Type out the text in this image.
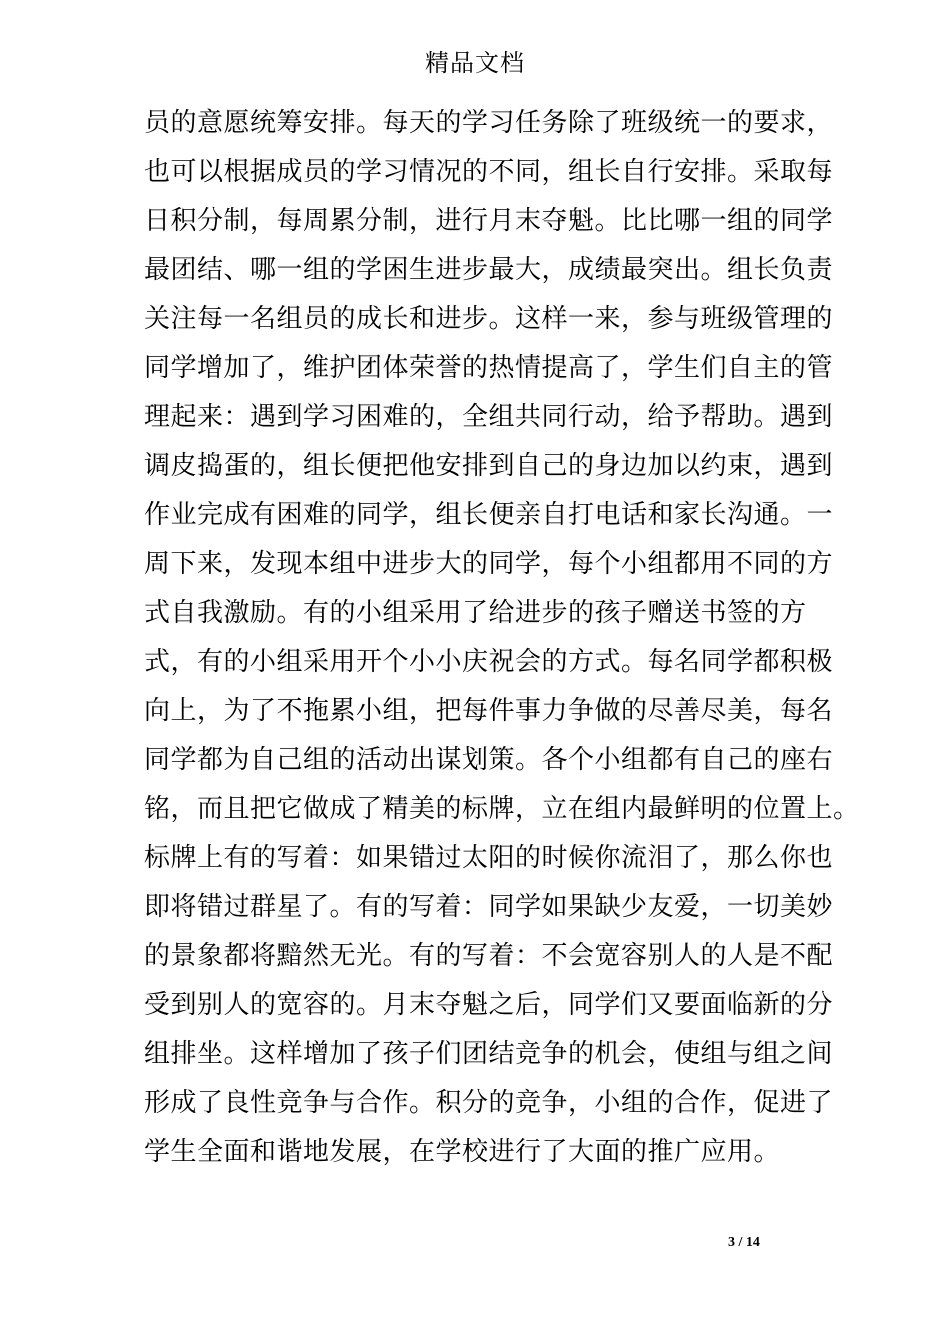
精品文档
员的意愿统筹安排。每天的学习任务除了班级统一的要求，
也可以根据成员的学习情况的不同，组长自行安排。采取每
日积分制，每周累分制，进行月末夺魁。比比哪一组的同学
最团结、哪一组的学困生进步最大，成绩最突出。组长负责
关注每一名组员的成长和进步。这样一来，参与班级管理的
同学增加了，维护团体荣誉的热情提高了，学生们自主的管
理起来：遇到学习困难的，全组共同行动，给予帮助。遇到
调皮捣蛋的，组长便把他安排到自己的身边加以约束，遇到
作业完成有困难的同学，组长便亲自打电话和家长沟通。一
周下来，发现本组中进步大的同学，每个小组都用不同的方
式自我激励。有的小组采用了给进步的孩子赠送书签的方
式，有的小组采用开个小小庆祝会的方式。每名同学都积极
向上，为了不拖累小组，把每件事力争做的尽善尽美，每名
同学都为自己组的活动出谋划策。各个小组都有自己的座右
铭，而且把它做成了精美的标牌，立在组内最鲜明的位置上。
标牌上有的写着：如果错过太阳的时候你流泪了，那么你也
即将错过群星了。有的写着：同学如果缺少友爱，一切美妙
的景象都将黯然无光。有的写着：不会宽容别人的人是不配
受到别人的宽容的。月末夺魁之后，同学们又要面临新的分
组排坐。这样增加了孩子们团结竞争的机会，使组与组之间
形成了良性竞争与合作。积分的竞争，小组的合作，促进了
学生全面和谐地发展，在学校进行了大面的推广应用。
3 / 14
